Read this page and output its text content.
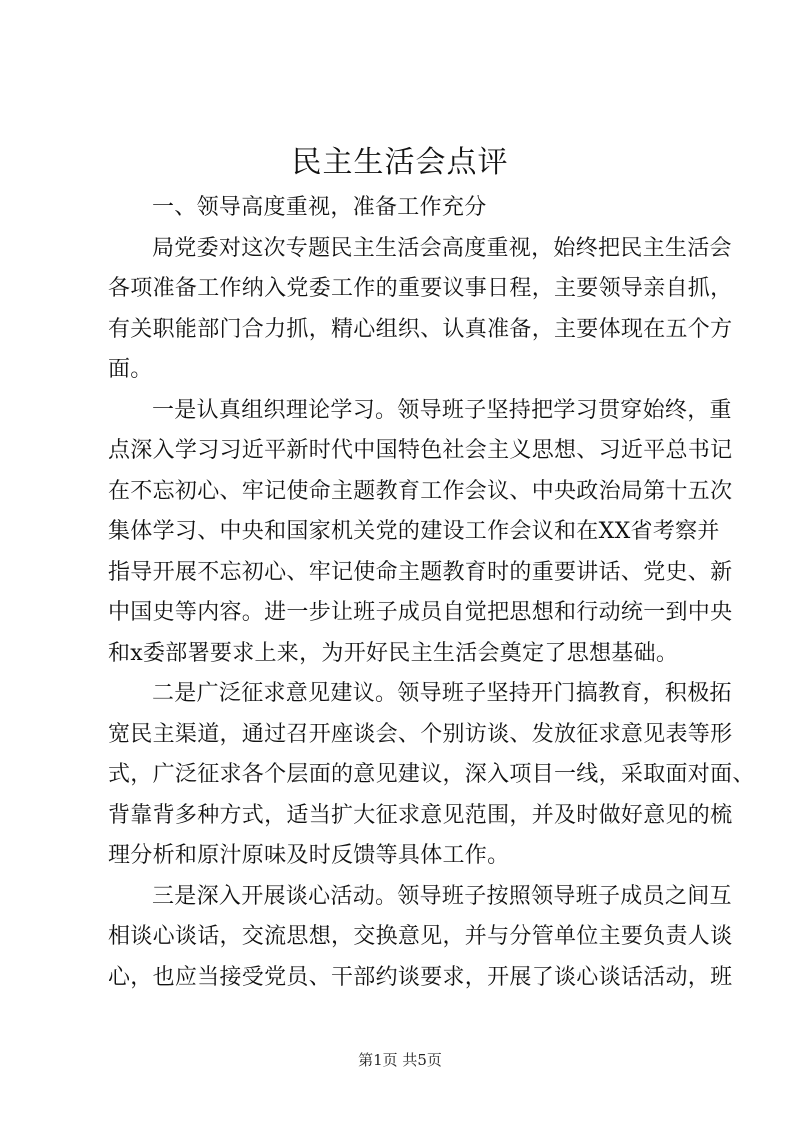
民主生活会点评
一、领导高度重视，准备工作充分
局党委对这次专题民主生活会高度重视，始终把民主生活会
各项准备工作纳入党委工作的重要议事日程，主要领导亲自抓，
有关职能部门合力抓，精心组织、认真准备，主要体现在五个方
面。
一是认真组织理论学习。领导班子坚持把学习贯穿始终，重
点深入学习习近平新时代中国特色社会主义思想、习近平总书记
在不忘初心、牢记使命主题教育工作会议、中央政治局第十五次
集体学习、中央和国家机关党的建设工作会议和在XX省考察并
指导开展不忘初心、牢记使命主题教育时的重要讲话、党史、新
中国史等内容。进一步让班子成员自觉把思想和行动统一到中央
和x委部署要求上来，为开好民主生活会奠定了思想基础。
二是广泛征求意见建议。领导班子坚持开门搞教育，积极拓
宽民主渠道，通过召开座谈会、个别访谈、发放征求意见表等形
式，广泛征求各个层面的意见建议，深入项目一线，采取面对面、
背靠背多种方式，适当扩大征求意见范围，并及时做好意见的梳
理分析和原汁原味及时反馈等具体工作。
三是深入开展谈心活动。领导班子按照领导班子成员之间互
相谈心谈话，交流思想，交换意见，并与分管单位主要负责人谈
心，也应当接受党员、干部约谈要求，开展了谈心谈话活动，班
第1页 共5页
